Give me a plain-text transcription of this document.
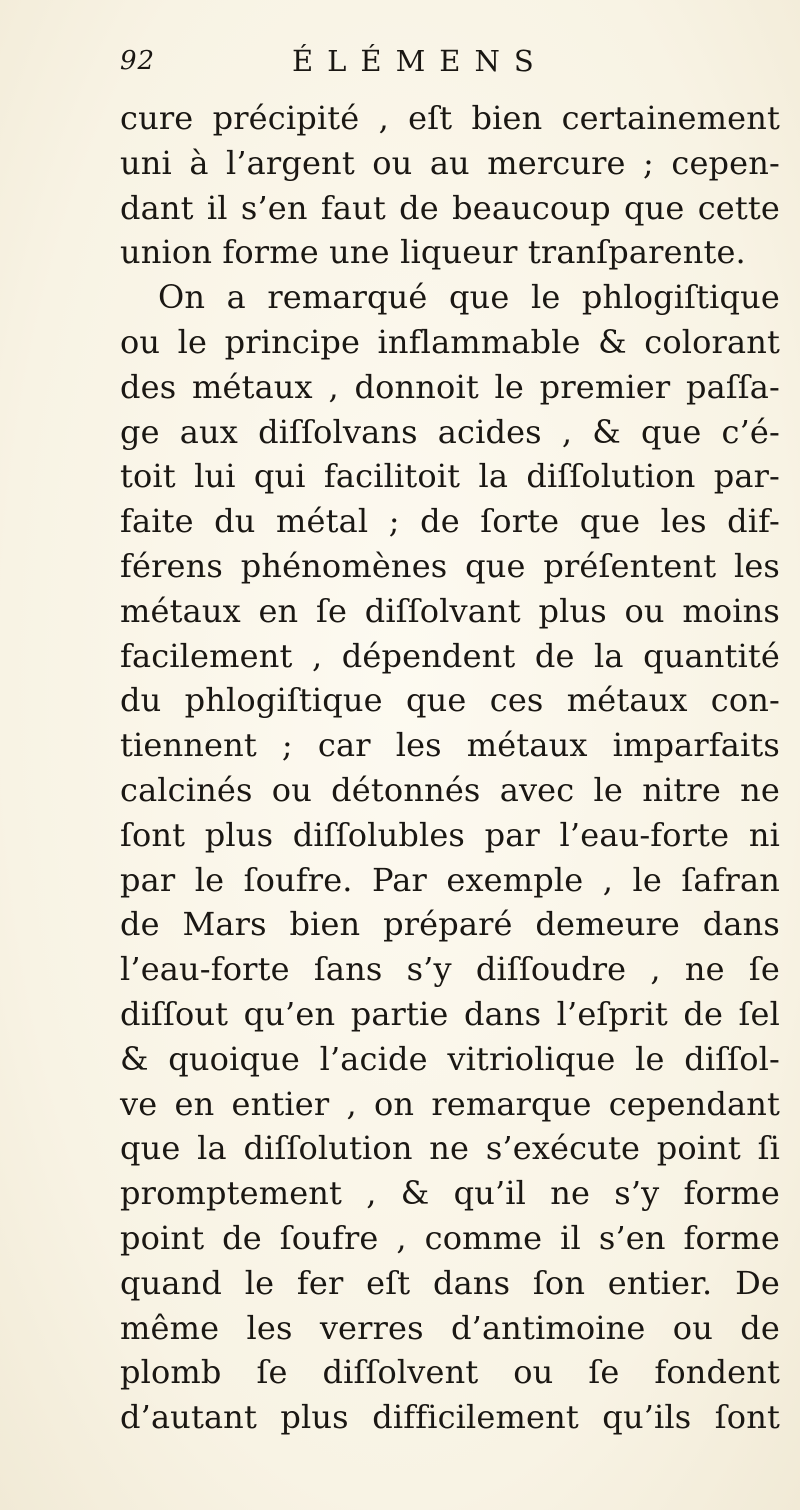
92	ÉLÉMENS
cure précipité , eſt bien certainement
uni à l’argent ou au mercure ; cepen-
dant il s’en faut de beaucoup que cette
union forme une liqueur tranſparente.
On a remarqué que le phlogiſtique
ou le principe inflammable & colorant
des métaux , donnoit le premier paſſa-
ge aux diſſolvans acides , & que c’é-
toit lui qui facilitoit la diſſolution par-
faite du métal ; de ſorte que les dif-
férens phénomènes que préſentent les
métaux en ſe diſſolvant plus ou moins
facilement , dépendent de la quantité
du phlogiſtique que ces métaux con-
tiennent ; car les métaux imparfaits
calcinés ou détonnés avec le nitre ne
ſont plus diſſolubles par l’eau-forte ni
par le ſoufre. Par exemple , le ſafran
de Mars bien préparé demeure dans
l’eau-forte ſans s’y diſſoudre , ne ſe
diſſout qu’en partie dans l’eſprit de ſel
& quoique l’acide vitriolique le diſſol-
ve en entier , on remarque cependant
que la diſſolution ne s’exécute point ſi
promptement , & qu’il ne s’y forme
point de ſoufre , comme il s’en forme
quand le fer eſt dans ſon entier. De
même les verres d’antimoine ou de
plomb ſe diſſolvent ou ſe fondent
d’autant plus difficilement qu’ils ſont
